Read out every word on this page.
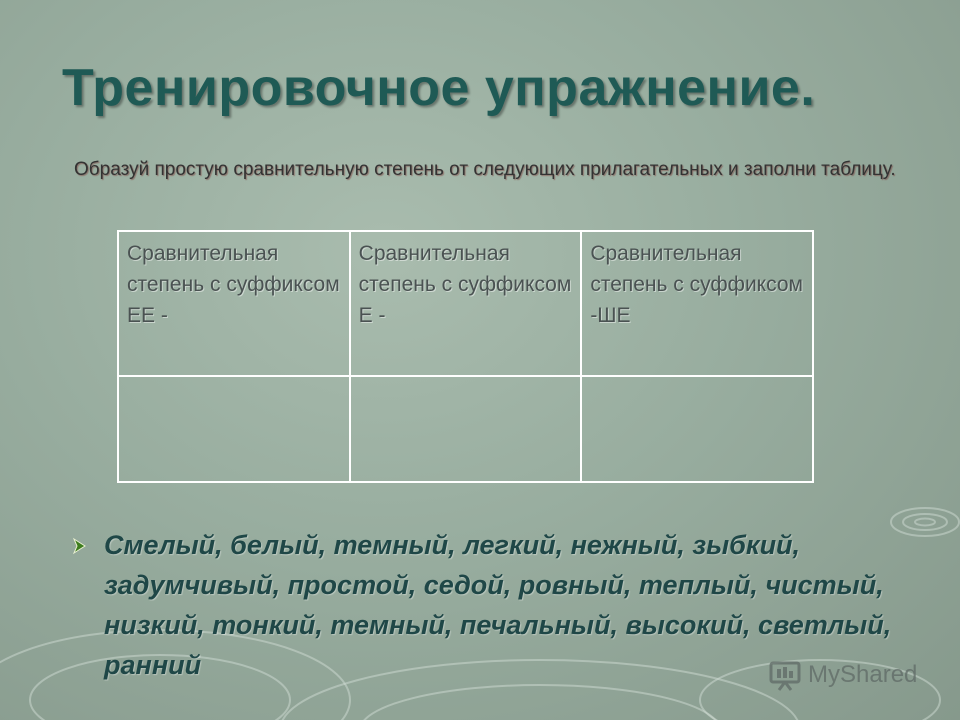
Тренировочное упражнение.

Образуй простую сравнительную степень от следующих прилагательных и заполни таблицу.

Сравнительная степень с суффиксом ЕЕ -	Сравнительная степень с суффиксом Е -	Сравнительная степень с суффиксом -ШЕ

Смелый, белый, темный, легкий, нежный, зыбкий, задумчивый, простой, седой, ровный, теплый, чистый, низкий, тонкий, темный, печальный, высокий, светлый, ранний	MyShared
